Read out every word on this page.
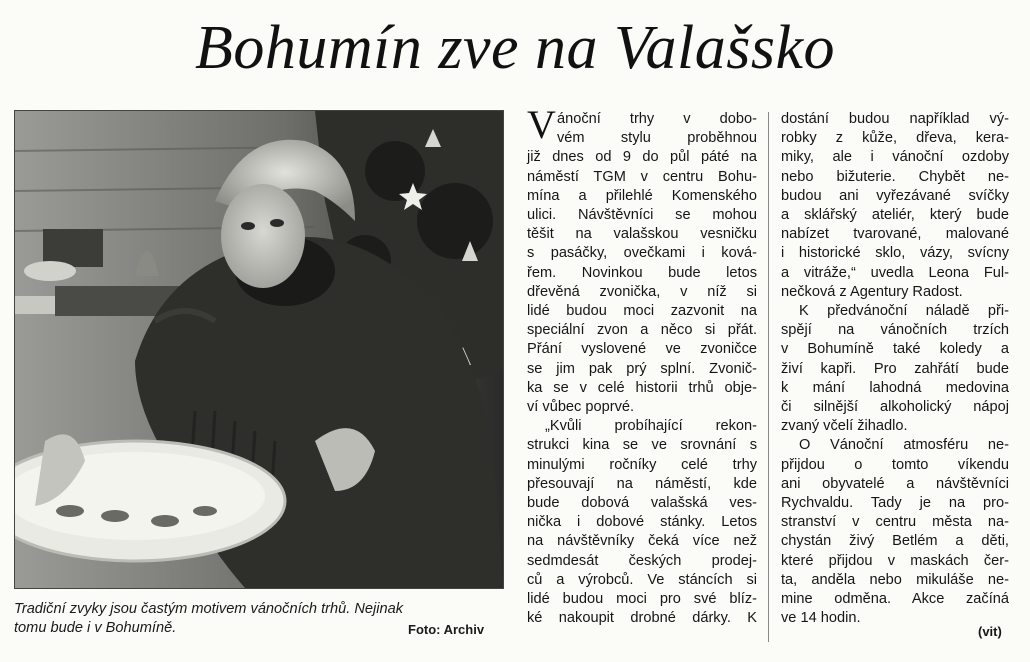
Bohumín zve na Valašsko
Tradiční zvyky jsou častým motivem vánočních trhů. Nejinak
tomu bude i v Bohumíně.	Foto: Archiv
V ánoční trhy v dobo-
vém stylu proběhnou
již dnes od 9 do půl páté na
náměstí TGM v centru Bohu-
mína a přilehlé Komenského
ulici. Návštěvníci se mohou
těšit na valašskou vesničku
s pasáčky, ovečkami i ková-
řem. Novinkou bude letos
dřevěná zvonička, v níž si
lidé budou moci zazvonit na
speciální zvon a něco si přát.
Přání vyslovené ve zvoničce
se jim pak prý splní. Zvonič-
ka se v celé historii trhů obje-
ví vůbec poprvé.
„Kvůli probíhající rekon-
strukci kina se ve srovnání s
minulými ročníky celé trhy
přesouvají na náměstí, kde
bude dobová valašská ves-
nička i dobové stánky. Letos
na návštěvníky čeká více než
sedmdesát českých prodej-
ců a výrobců. Ve stáncích si
lidé budou moci pro své blíz-
ké nakoupit drobné dárky. K
dostání budou například vý-
robky z kůže, dřeva, kera-
miky, ale i vánoční ozdoby
nebo bižuterie. Chybět ne-
budou ani vyřezávané svíčky
a sklářský ateliér, který bude
nabízet tvarované, malované
i historické sklo, vázy, svícny
a vitráže,“ uvedla Leona Ful-
nečková z Agentury Radost.
K předvánoční náladě při-
spějí na vánočních trzích
v Bohumíně také koledy a
živí kapři. Pro zahřátí bude
k mání lahodná medovina
či silnější alkoholický nápoj
zvaný včelí žihadlo.
O Vánoční atmosféru ne-
přijdou o tomto víkendu
ani obyvatelé a návštěvníci
Rychvaldu. Tady je na pro-
stranství v centru města na-
chystán živý Betlém a děti,
které přijdou v maskách čer-
ta, anděla nebo mikuláše ne-
mine odměna. Akce začíná
ve 14 hodin.
(vit)
